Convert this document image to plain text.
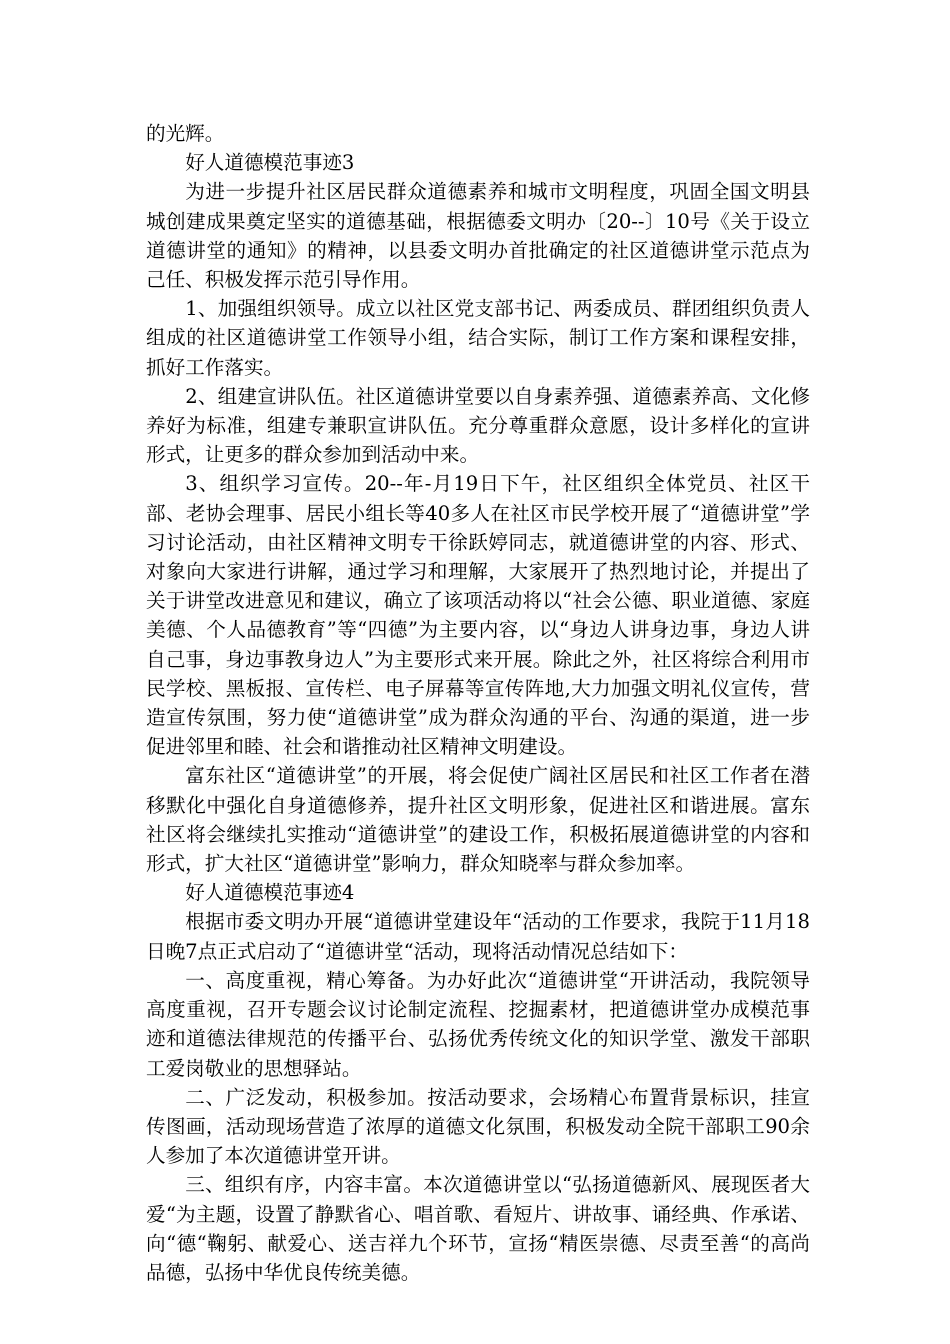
的光辉。

好人道德模范事迹3

为进一步提升社区居民群众道德素养和城市文明程度，巩固全国文明县城创建成果奠定坚实的道德基础，根据德委文明办〔20--〕10号《关于设立道德讲堂的通知》的精神，以县委文明办首批确定的社区道德讲堂示范点为己任、积极发挥示范引导作用。

1、加强组织领导。成立以社区党支部书记、两委成员、群团组织负责人组成的社区道德讲堂工作领导小组，结合实际，制订工作方案和课程安排，抓好工作落实。

2、组建宣讲队伍。社区道德讲堂要以自身素养强、道德素养高、文化修养好为标准，组建专兼职宣讲队伍。充分尊重群众意愿，设计多样化的宣讲形式，让更多的群众参加到活动中来。

3、组织学习宣传。20--年-月19日下午，社区组织全体党员、社区干部、老协会理事、居民小组长等40多人在社区市民学校开展了“道德讲堂”学习讨论活动，由社区精神文明专干徐跃婷同志，就道德讲堂的内容、形式、对象向大家进行讲解，通过学习和理解，大家展开了热烈地讨论，并提出了关于讲堂改进意见和建议，确立了该项活动将以“社会公德、职业道德、家庭美德、个人品德教育”等“四德”为主要内容，以“身边人讲身边事，身边人讲自己事，身边事教身边人”为主要形式来开展。除此之外，社区将综合利用市民学校、黑板报、宣传栏、电子屏幕等宣传阵地,大力加强文明礼仪宣传，营造宣传氛围，努力使“道德讲堂”成为群众沟通的平台、沟通的渠道，进一步促进邻里和睦、社会和谐推动社区精神文明建设。

富东社区“道德讲堂”的开展，将会促使广阔社区居民和社区工作者在潜移默化中强化自身道德修养，提升社区文明形象，促进社区和谐进展。富东社区将会继续扎实推动“道德讲堂”的建设工作，积极拓展道德讲堂的内容和形式，扩大社区“道德讲堂”影响力，群众知晓率与群众参加率。

好人道德模范事迹4

根据市委文明办开展“道德讲堂建设年“活动的工作要求，我院于11月18日晚7点正式启动了“道德讲堂“活动，现将活动情况总结如下：

一、高度重视，精心筹备。为办好此次“道德讲堂“开讲活动，我院领导高度重视，召开专题会议讨论制定流程、挖掘素材，把道德讲堂办成模范事迹和道德法律规范的传播平台、弘扬优秀传统文化的知识学堂、激发干部职工爱岗敬业的思想驿站。

二、广泛发动，积极参加。按活动要求，会场精心布置背景标识，挂宣传图画，活动现场营造了浓厚的道德文化氛围，积极发动全院干部职工90余人参加了本次道德讲堂开讲。

三、组织有序，内容丰富。本次道德讲堂以“弘扬道德新风、展现医者大爱“为主题，设置了静默省心、唱首歌、看短片、讲故事、诵经典、作承诺、向“德“鞠躬、献爱心、送吉祥九个环节，宣扬“精医崇德、尽责至善“的高尚品德，弘扬中华优良传统美德。
